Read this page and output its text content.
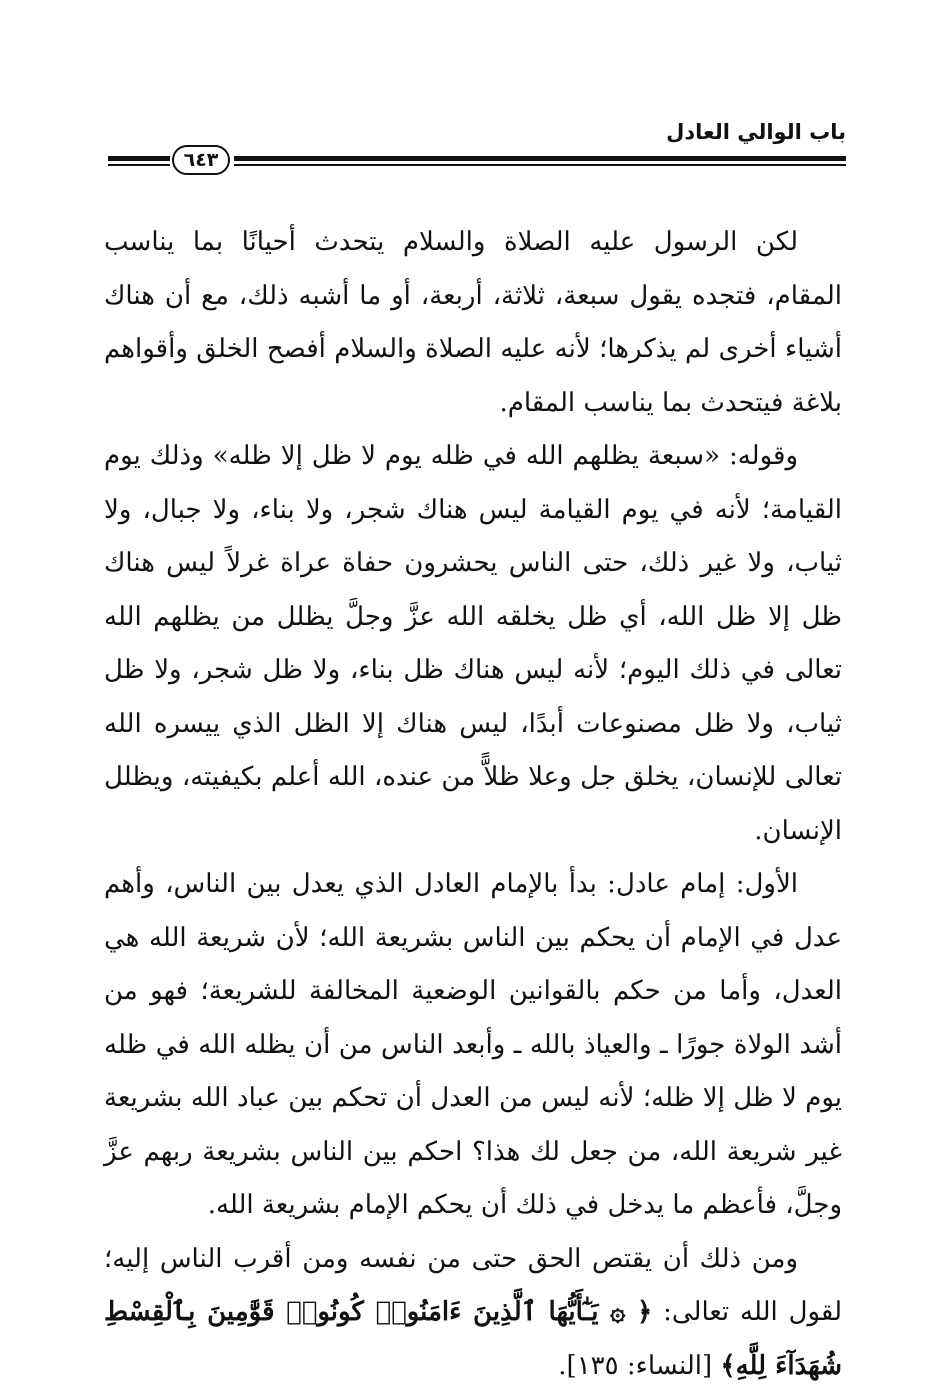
باب الوالي العادل
٦٤٣

لكن الرسول عليه الصلاة والسلام يتحدث أحيانًا بما يناسب المقام، فتجده يقول سبعة، ثلاثة، أربعة، أو ما أشبه ذلك، مع أن هناك أشياء أخرى لم يذكرها؛ لأنه عليه الصلاة والسلام أفصح الخلق وأقواهم بلاغة فيتحدث بما يناسب المقام.

وقوله: «سبعة يظلهم الله في ظله يوم لا ظل إلا ظله» وذلك يوم القيامة؛ لأنه في يوم القيامة ليس هناك شجر، ولا بناء، ولا جبال، ولا ثياب، ولا غير ذلك، حتى الناس يحشرون حفاة عراة غرلاً ليس هناك ظل إلا ظل الله، أي ظل يخلقه الله عزَّ وجلَّ يظلل من يظلهم الله تعالى في ذلك اليوم؛ لأنه ليس هناك ظل بناء، ولا ظل شجر، ولا ظل ثياب، ولا ظل مصنوعات أبدًا، ليس هناك إلا الظل الذي ييسره الله تعالى للإنسان، يخلق جل وعلا ظلاًّ من عنده، الله أعلم بكيفيته، ويظلل الإنسان.

الأول: إمام عادل: بدأ بالإمام العادل الذي يعدل بين الناس، وأهم عدل في الإمام أن يحكم بين الناس بشريعة الله؛ لأن شريعة الله هي العدل، وأما من حكم بالقوانين الوضعية المخالفة للشريعة؛ فهو من أشد الولاة جورًا ـ والعياذ بالله ـ وأبعد الناس من أن يظله الله في ظله يوم لا ظل إلا ظله؛ لأنه ليس من العدل أن تحكم بين عباد الله بشريعة غير شريعة الله، من جعل لك هذا؟ احكم بين الناس بشريعة ربهم عزَّ وجلَّ، فأعظم ما يدخل في ذلك أن يحكم الإمام بشريعة الله.

ومن ذلك أن يقتص الحق حتى من نفسه ومن أقرب الناس إليه؛ لقول الله تعالى: ﴿ ۞ يَـٰٓأَيُّهَا ٱلَّذِينَ ءَامَنُوا۟ كُونُوا۟ قَوَّٰمِينَ بِٱلْقِسْطِ شُهَدَآءَ لِلَّهِ﴾ [النساء: ١٣٥].
